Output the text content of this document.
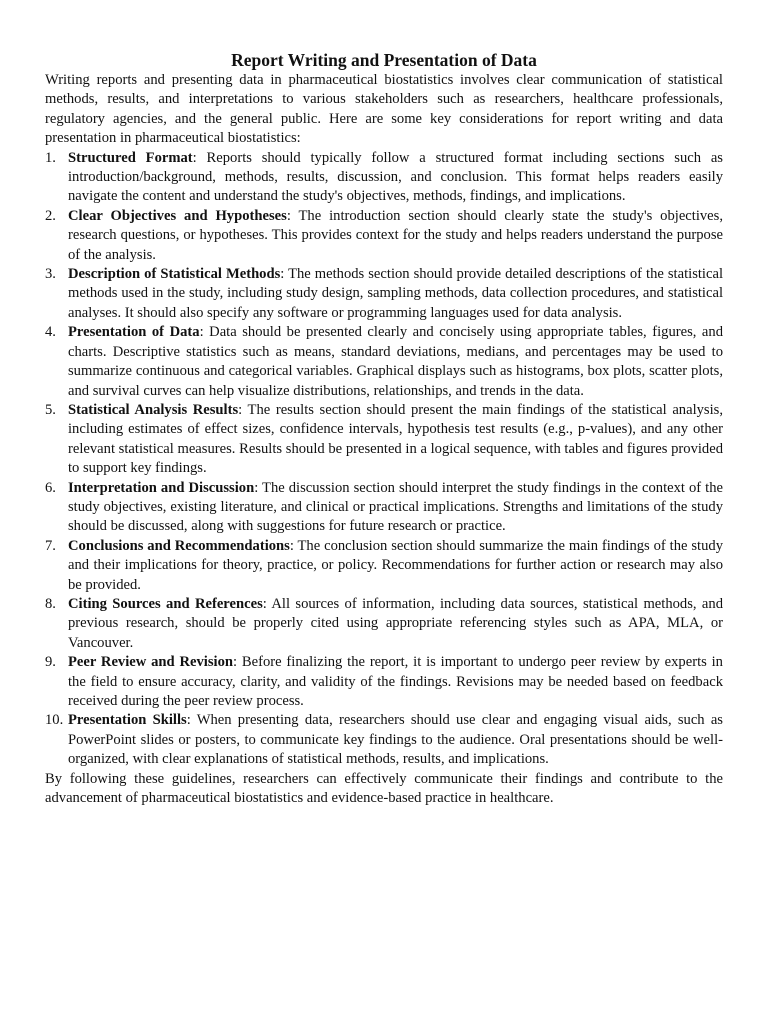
Report Writing and Presentation of Data

Writing reports and presenting data in pharmaceutical biostatistics involves clear communication of statistical methods, results, and interpretations to various stakeholders such as researchers, healthcare professionals, regulatory agencies, and the general public. Here are some key considerations for report writing and data presentation in pharmaceutical biostatistics:

1. Structured Format: Reports should typically follow a structured format including sections such as introduction/background, methods, results, discussion, and conclusion. This format helps readers easily navigate the content and understand the study's objectives, methods, findings, and implications.
2. Clear Objectives and Hypotheses: The introduction section should clearly state the study's objectives, research questions, or hypotheses. This provides context for the study and helps readers understand the purpose of the analysis.
3. Description of Statistical Methods: The methods section should provide detailed descriptions of the statistical methods used in the study, including study design, sampling methods, data collection procedures, and statistical analyses. It should also specify any software or programming languages used for data analysis.
4. Presentation of Data: Data should be presented clearly and concisely using appropriate tables, figures, and charts. Descriptive statistics such as means, standard deviations, medians, and percentages may be used to summarize continuous and categorical variables. Graphical displays such as histograms, box plots, scatter plots, and survival curves can help visualize distributions, relationships, and trends in the data.
5. Statistical Analysis Results: The results section should present the main findings of the statistical analysis, including estimates of effect sizes, confidence intervals, hypothesis test results (e.g., p-values), and any other relevant statistical measures. Results should be presented in a logical sequence, with tables and figures provided to support key findings.
6. Interpretation and Discussion: The discussion section should interpret the study findings in the context of the study objectives, existing literature, and clinical or practical implications. Strengths and limitations of the study should be discussed, along with suggestions for future research or practice.
7. Conclusions and Recommendations: The conclusion section should summarize the main findings of the study and their implications for theory, practice, or policy. Recommendations for further action or research may also be provided.
8. Citing Sources and References: All sources of information, including data sources, statistical methods, and previous research, should be properly cited using appropriate referencing styles such as APA, MLA, or Vancouver.
9. Peer Review and Revision: Before finalizing the report, it is important to undergo peer review by experts in the field to ensure accuracy, clarity, and validity of the findings. Revisions may be needed based on feedback received during the peer review process.
10. Presentation Skills: When presenting data, researchers should use clear and engaging visual aids, such as PowerPoint slides or posters, to communicate key findings to the audience. Oral presentations should be well-organized, with clear explanations of statistical methods, results, and implications.

By following these guidelines, researchers can effectively communicate their findings and contribute to the advancement of pharmaceutical biostatistics and evidence-based practice in healthcare.
